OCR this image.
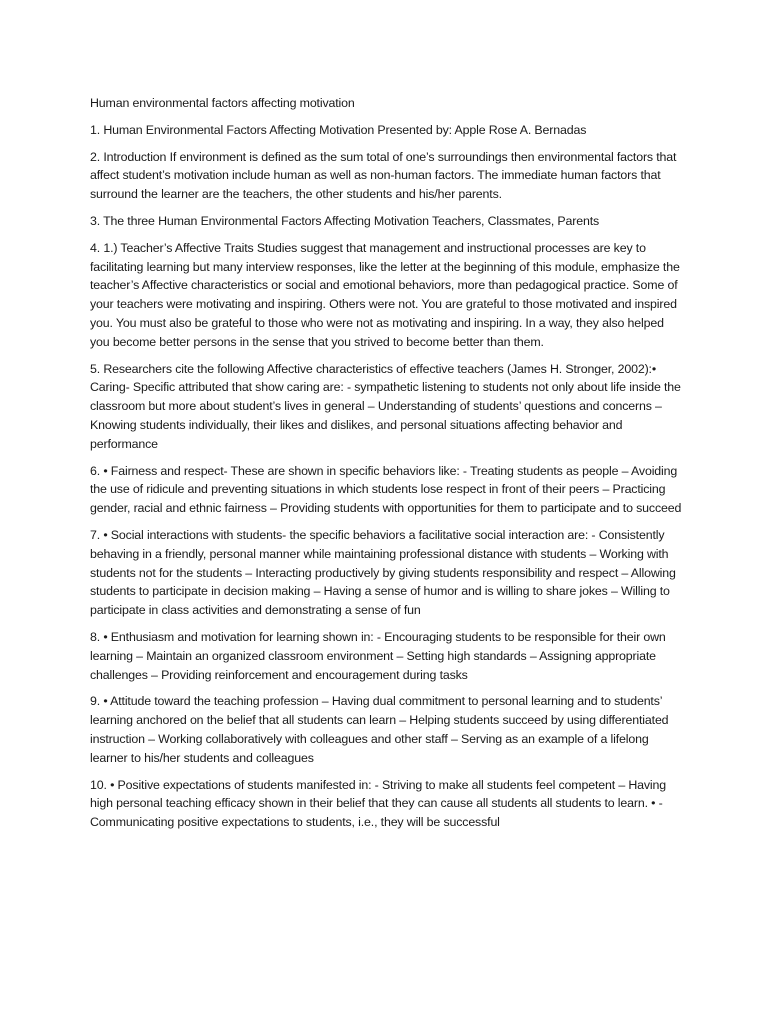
Human environmental factors affecting motivation

1. Human Environmental Factors Affecting Motivation Presented by: Apple Rose A. Bernadas

2. Introduction If environment is defined as the sum total of one’s surroundings then environmental factors that affect student’s motivation include human as well as non-human factors. The immediate human factors that surround the learner are the teachers, the other students and his/her parents.

3. The three Human Environmental Factors Affecting Motivation Teachers, Classmates, Parents

4. 1.) Teacher’s Affective Traits Studies suggest that management and instructional processes are key to facilitating learning but many interview responses, like the letter at the beginning of this module, emphasize the teacher’s Affective characteristics or social and emotional behaviors, more than pedagogical practice. Some of your teachers were motivating and inspiring. Others were not. You are grateful to those motivated and inspired you. You must also be grateful to those who were not as motivating and inspiring. In a way, they also helped you become better persons in the sense that you strived to become better than them.

5. Researchers cite the following Affective characteristics of effective teachers (James H. Stronger, 2002):• Caring- Specific attributed that show caring are: - sympathetic listening to students not only about life inside the classroom but more about student’s lives in general – Understanding of students’ questions and concerns – Knowing students individually, their likes and dislikes, and personal situations affecting behavior and performance

6. • Fairness and respect- These are shown in specific behaviors like: - Treating students as people – Avoiding the use of ridicule and preventing situations in which students lose respect in front of their peers – Practicing gender, racial and ethnic fairness – Providing students with opportunities for them to participate and to succeed

7. • Social interactions with students- the specific behaviors a facilitative social interaction are: - Consistently behaving in a friendly, personal manner while maintaining professional distance with students – Working with students not for the students – Interacting productively by giving students responsibility and respect – Allowing students to participate in decision making – Having a sense of humor and is willing to share jokes – Willing to participate in class activities and demonstrating a sense of fun

8. • Enthusiasm and motivation for learning shown in: - Encouraging students to be responsible for their own learning – Maintain an organized classroom environment – Setting high standards – Assigning appropriate challenges – Providing reinforcement and encouragement during tasks

9. • Attitude toward the teaching profession – Having dual commitment to personal learning and to students’ learning anchored on the belief that all students can learn – Helping students succeed by using differentiated instruction – Working collaboratively with colleagues and other staff – Serving as an example of a lifelong learner to his/her students and colleagues

10. • Positive expectations of students manifested in: - Striving to make all students feel competent – Having high personal teaching efficacy shown in their belief that they can cause all students all students to learn. • - Communicating positive expectations to students, i.e., they will be successful
